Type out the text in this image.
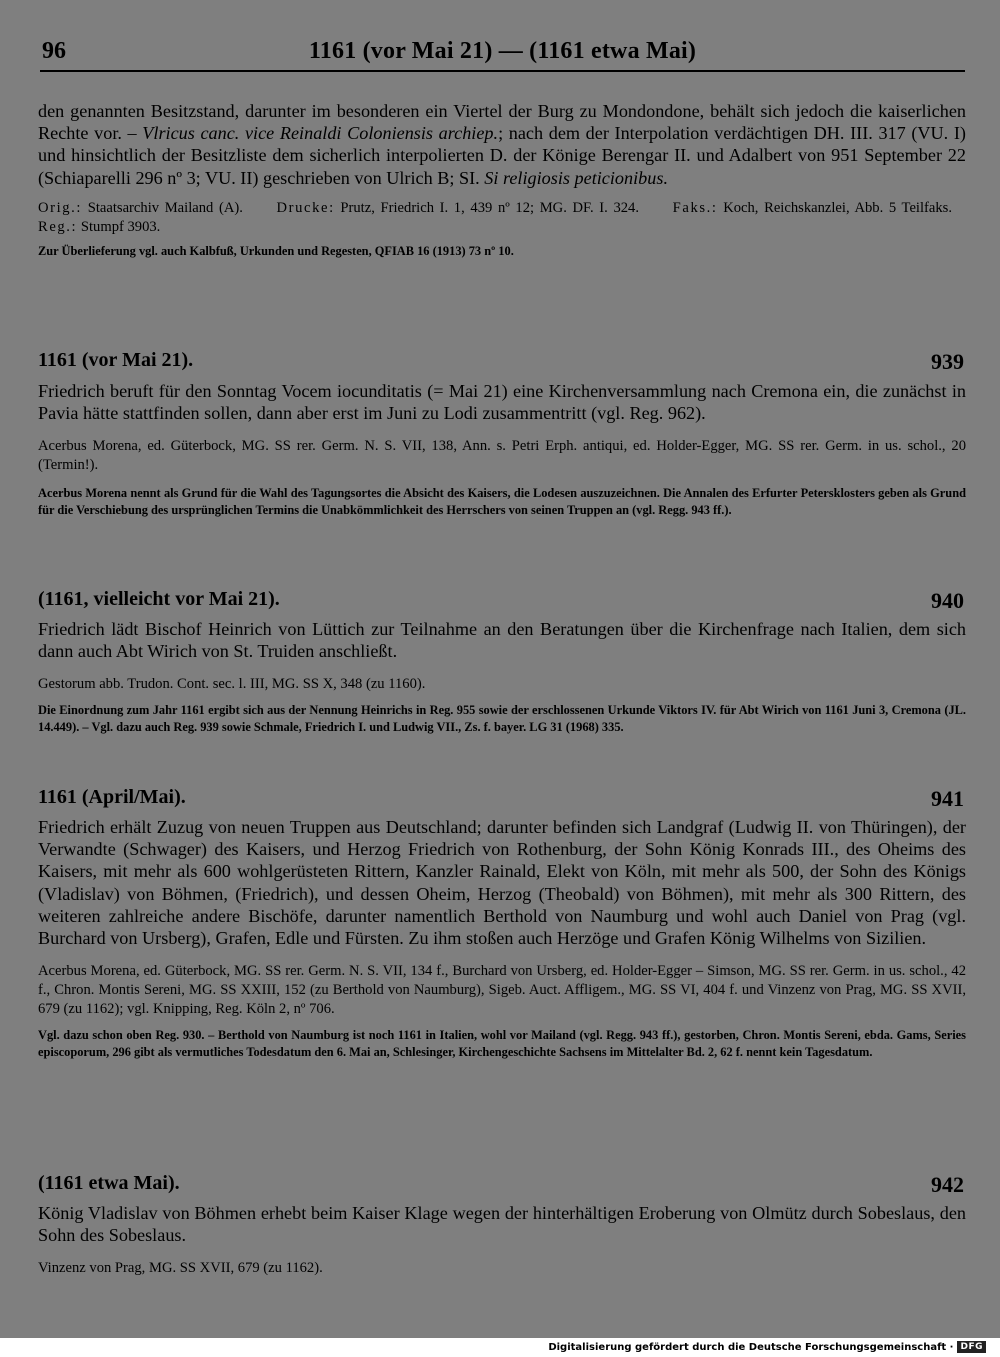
96	1161 (vor Mai 21) — (1161 etwa Mai)
den genannten Besitzstand, darunter im besonderen ein Viertel der Burg zu Mondondone, behält sich jedoch die kaiserlichen Rechte vor. – Vlricus canc. vice Reinaldi Coloniensis archiep.; nach dem der Interpolation verdächtigen DH. III. 317 (VU. I) und hinsichtlich der Besitzliste dem sicherlich interpolierten D. der Könige Berengar II. und Adalbert von 951 September 22 (Schiaparelli 296 nº 3; VU. II) geschrieben von Ulrich B; SI. Si religiosis peticionibus.
Orig.: Staatsarchiv Mailand (A). Drucke: Prutz, Friedrich I. 1, 439 nº 12; MG. DF. I. 324. Faks.: Koch, Reichskanzlei, Abb. 5 Teilfaks. Reg.: Stumpf 3903.
Zur Überlieferung vgl. auch Kalbfuß, Urkunden und Regesten, QFIAB 16 (1913) 73 nº 10.
1161 (vor Mai 21).	939
Friedrich beruft für den Sonntag Vocem iocunditatis (= Mai 21) eine Kirchenversammlung nach Cremona ein, die zunächst in Pavia hätte stattfinden sollen, dann aber erst im Juni zu Lodi zusammentritt (vgl. Reg. 962).
Acerbus Morena, ed. Güterbock, MG. SS rer. Germ. N. S. VII, 138, Ann. s. Petri Erph. antiqui, ed. Holder-Egger, MG. SS rer. Germ. in us. schol., 20 (Termin!).
Acerbus Morena nennt als Grund für die Wahl des Tagungsortes die Absicht des Kaisers, die Lodesen auszuzeichnen. Die Annalen des Erfurter Petersklosters geben als Grund für die Verschiebung des ursprünglichen Termins die Unabkömmlichkeit des Herrschers von seinen Truppen an (vgl. Regg. 943 ff.).
(1161, vielleicht vor Mai 21).	940
Friedrich lädt Bischof Heinrich von Lüttich zur Teilnahme an den Beratungen über die Kirchenfrage nach Italien, dem sich dann auch Abt Wirich von St. Truiden anschließt.
Gestorum abb. Trudon. Cont. sec. l. III, MG. SS X, 348 (zu 1160).
Die Einordnung zum Jahr 1161 ergibt sich aus der Nennung Heinrichs in Reg. 955 sowie der erschlossenen Urkunde Viktors IV. für Abt Wirich von 1161 Juni 3, Cremona (JL. 14.449). – Vgl. dazu auch Reg. 939 sowie Schmale, Friedrich I. und Ludwig VII., Zs. f. bayer. LG 31 (1968) 335.
1161 (April/Mai).	941
Friedrich erhält Zuzug von neuen Truppen aus Deutschland; darunter befinden sich Landgraf (Ludwig II. von Thüringen), der Verwandte (Schwager) des Kaisers, und Herzog Friedrich von Rothenburg, der Sohn König Konrads III., des Oheims des Kaisers, mit mehr als 600 wohlgerüsteten Rittern, Kanzler Rainald, Elekt von Köln, mit mehr als 500, der Sohn des Königs (Vladislav) von Böhmen, (Friedrich), und dessen Oheim, Herzog (Theobald) von Böhmen), mit mehr als 300 Rittern, des weiteren zahlreiche andere Bischöfe, darunter namentlich Berthold von Naumburg und wohl auch Daniel von Prag (vgl. Burchard von Ursberg), Grafen, Edle und Fürsten. Zu ihm stoßen auch Herzöge und Grafen König Wilhelms von Sizilien.
Acerbus Morena, ed. Güterbock, MG. SS rer. Germ. N. S. VII, 134 f., Burchard von Ursberg, ed. Holder-Egger – Simson, MG. SS rer. Germ. in us. schol., 42 f., Chron. Montis Sereni, MG. SS XXIII, 152 (zu Berthold von Naumburg), Sigeb. Auct. Affligem., MG. SS VI, 404 f. und Vinzenz von Prag, MG. SS XVII, 679 (zu 1162); vgl. Knipping, Reg. Köln 2, nº 706.
Vgl. dazu schon oben Reg. 930. – Berthold von Naumburg ist noch 1161 in Italien, wohl vor Mailand (vgl. Regg. 943 ff.), gestorben, Chron. Montis Sereni, ebda. Gams, Series episcoporum, 296 gibt als vermutliches Todesdatum den 6. Mai an, Schlesinger, Kirchengeschichte Sachsens im Mittelalter Bd. 2, 62 f. nennt kein Tagesdatum.
(1161 etwa Mai).	942
König Vladislav von Böhmen erhebt beim Kaiser Klage wegen der hinterhältigen Eroberung von Olmütz durch Sobeslaus, den Sohn des Sobeslaus.
Vinzenz von Prag, MG. SS XVII, 679 (zu 1162).
Digitalisierung gefördert durch die Deutsche Forschungsgemeinschaft · DFG
